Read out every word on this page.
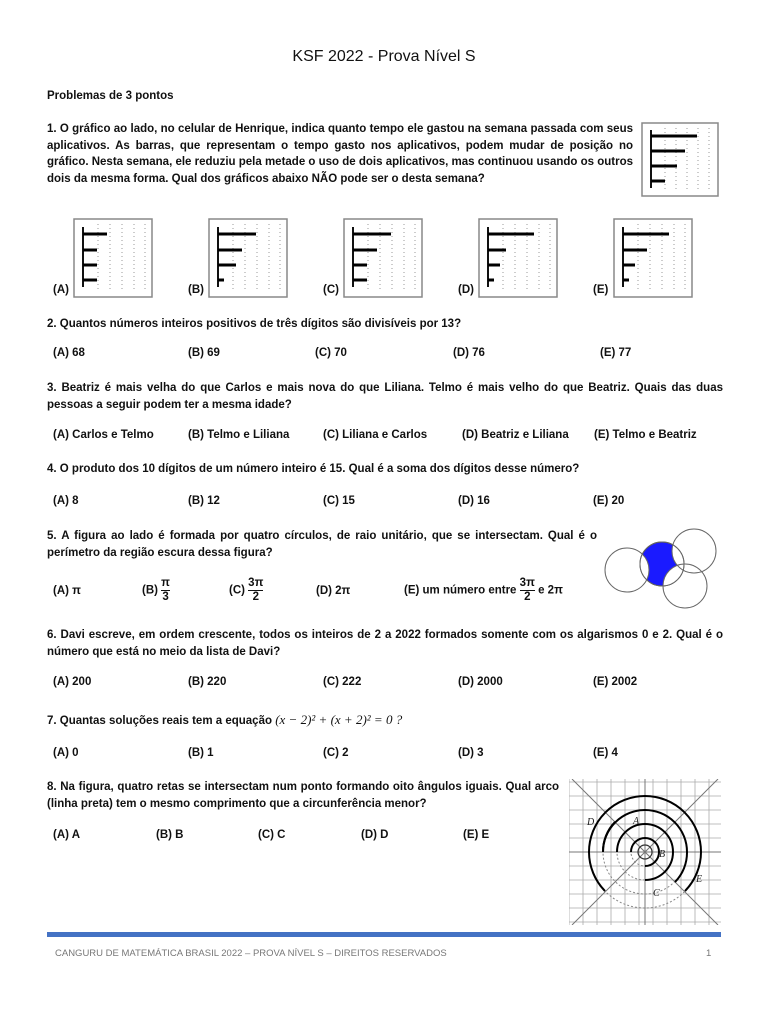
KSF 2022 - Prova Nível S
Problemas de 3 pontos
1. O gráfico ao lado, no celular de Henrique, indica quanto tempo ele gastou na semana passada com seus aplicativos. As barras, que representam o tempo gasto nos aplicativos, podem mudar de posição no gráfico. Nesta semana, ele reduziu pela metade o uso de dois aplicativos, mas continuou usando os outros dois da mesma forma. Qual dos gráficos abaixo NÃO pode ser o desta semana?
(A)	(B)	(C)	(D)	(E)
2. Quantos números inteiros positivos de três dígitos são divisíveis por 13?
(A) 68	(B) 69	(C) 70	(D) 76	(E) 77
3. Beatriz é mais velha do que Carlos e mais nova do que Liliana. Telmo é mais velho do que Beatriz. Quais das duas pessoas a seguir podem ter a mesma idade?
(A) Carlos e Telmo	(B) Telmo e Liliana	(C) Liliana e Carlos	(D) Beatriz e Liliana (E) Telmo e Beatriz
4. O produto dos 10 dígitos de um número inteiro é 15. Qual é a soma dos dígitos desse número?
(A) 8	(B) 12	(C) 15	(D) 16	(E) 20
5. A figura ao lado é formada por quatro círculos, de raio unitário, que se intersectam. Qual é o perímetro da região escura dessa figura?
(A) π	$(B) \frac{\pi}{3}$	$(C) \frac{3\pi}{2}$	(D) 2π	(E) um número entre $\frac{3\pi}{2}$ e 2π
6. Davi escreve, em ordem crescente, todos os inteiros de 2 a 2022 formados somente com os algarismos 0 e 2. Qual é o número que está no meio da lista de Davi?
(A) 200	(B) 220	(C) 222	(D) 2000	(E) 2002
7. Quantas soluções reais tem a equação (x − 2)² + (x + 2)² = 0 ?
(A) 0	(B) 1	(C) 2	(D) 3	(E) 4
8. Na figura, quatro retas se intersectam num ponto formando oito ângulos iguais. Qual arco (linha preta) tem o mesmo comprimento que a circunferência menor?
(A) A	(B) B	(C) C	(D) D	(E) E
A
B
C
D
E
CANGURU DE MATEMÁTICA BRASIL 2022 – PROVA NÍVEL S – DIREITOS RESERVADOS	1
